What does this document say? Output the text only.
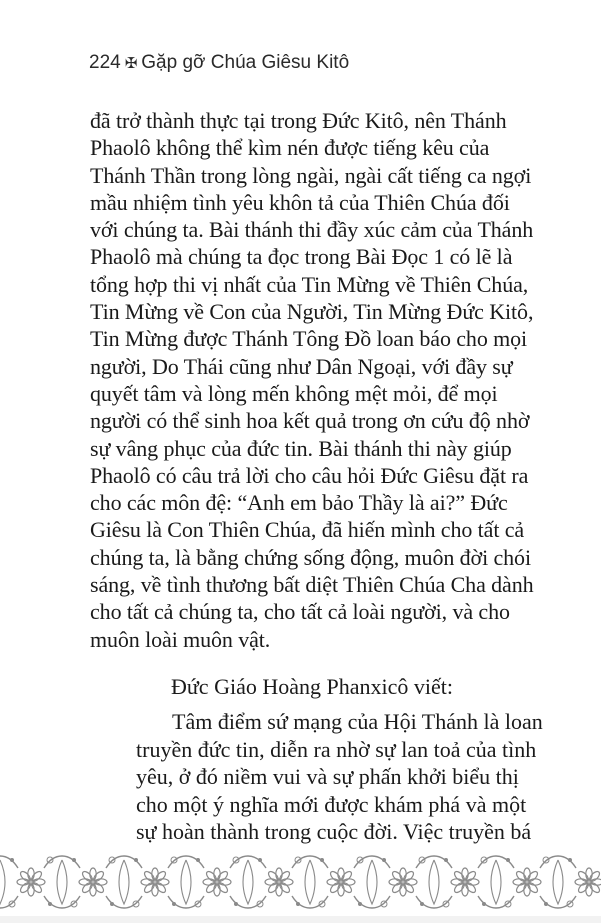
224 ✠ Gặp gỡ Chúa Giêsu Kitô
đã trở thành thực tại trong Đức Kitô, nên Thánh
Phaolô không thể kìm nén được tiếng kêu của
Thánh Thần trong lòng ngài, ngài cất tiếng ca ngợi
mầu nhiệm tình yêu khôn tả của Thiên Chúa đối
với chúng ta. Bài thánh thi đầy xúc cảm của Thánh
Phaolô mà chúng ta đọc trong Bài Đọc 1 có lẽ là
tổng hợp thi vị nhất của Tin Mừng về Thiên Chúa,
Tin Mừng về Con của Người, Tin Mừng Đức Kitô,
Tin Mừng được Thánh Tông Đồ loan báo cho mọi
người, Do Thái cũng như Dân Ngoại, với đầy sự
quyết tâm và lòng mến không mệt mỏi, để mọi
người có thể sinh hoa kết quả trong ơn cứu độ nhờ
sự vâng phục của đức tin. Bài thánh thi này giúp
Phaolô có câu trả lời cho câu hỏi Đức Giêsu đặt ra
cho các môn đệ: “Anh em bảo Thầy là ai?” Đức
Giêsu là Con Thiên Chúa, đã hiến mình cho tất cả
chúng ta, là bằng chứng sống động, muôn đời chói
sáng, về tình thương bất diệt Thiên Chúa Cha dành
cho tất cả chúng ta, cho tất cả loài người, và cho
muôn loài muôn vật.
Đức Giáo Hoàng Phanxicô viết:
Tâm điểm sứ mạng của Hội Thánh là loan
truyền đức tin, diễn ra nhờ sự lan toả của tình
yêu, ở đó niềm vui và sự phấn khởi biểu thị
cho một ý nghĩa mới được khám phá và một
sự hoàn thành trong cuộc đời. Việc truyền bá
